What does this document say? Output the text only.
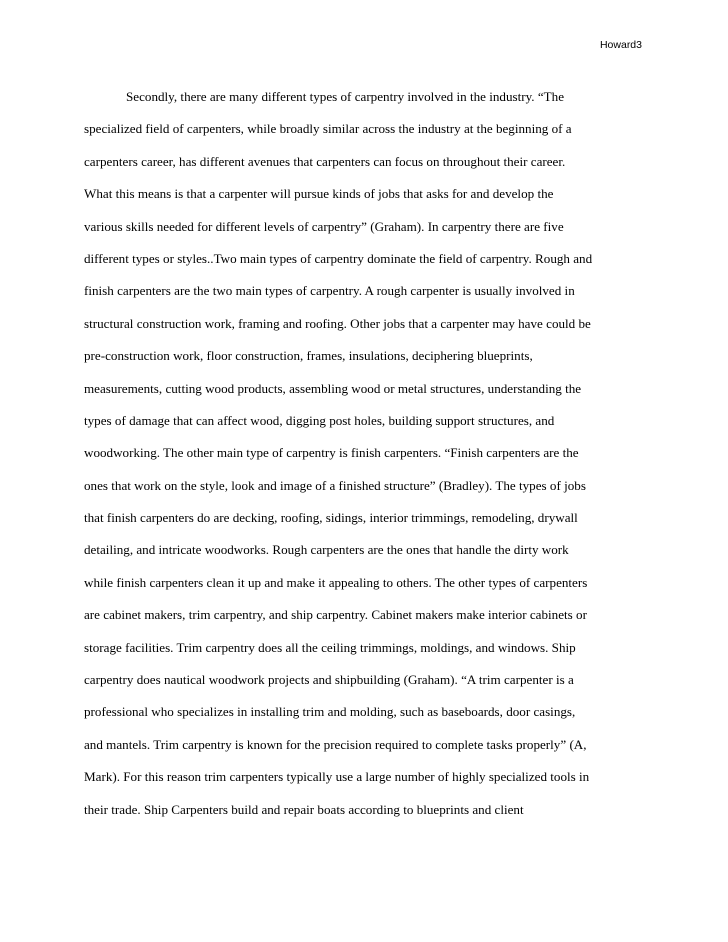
Howard3
Secondly, there are many different types of carpentry involved in the industry. “The
specialized field of carpenters, while broadly similar across the industry at the beginning of a
carpenters career, has different avenues that carpenters can focus on throughout their career.
What this means is that a carpenter will pursue kinds of jobs that asks for and develop the
various skills needed for different levels of carpentry” (Graham). In carpentry there are five
different types or styles..Two main types of carpentry dominate the field of carpentry. Rough and
finish carpenters are the two main types of carpentry. A rough carpenter is usually involved in
structural construction work, framing and roofing. Other jobs that a carpenter may have could be
pre-construction work, floor construction, frames, insulations, deciphering blueprints,
measurements, cutting wood products, assembling wood or metal structures, understanding the
types of damage that can affect wood, digging post holes, building support structures, and
woodworking. The other main type of carpentry is finish carpenters. “Finish carpenters are the
ones that work on the style, look and image of a finished structure” (Bradley). The types of jobs
that finish carpenters do are decking, roofing, sidings, interior trimmings, remodeling, drywall
detailing, and intricate woodworks. Rough carpenters are the ones that handle the dirty work
while finish carpenters clean it up and make it appealing to others. The other types of carpenters
are cabinet makers, trim carpentry, and ship carpentry. Cabinet makers make interior cabinets or
storage facilities. Trim carpentry does all the ceiling trimmings, moldings, and windows. Ship
carpentry does nautical woodwork projects and shipbuilding (Graham). “A trim carpenter is a
professional who specializes in installing trim and molding, such as baseboards, door casings,
and mantels. Trim carpentry is known for the precision required to complete tasks properly” (A,
Mark). For this reason trim carpenters typically use a large number of highly specialized tools in
their trade. Ship Carpenters build and repair boats according to blueprints and client
